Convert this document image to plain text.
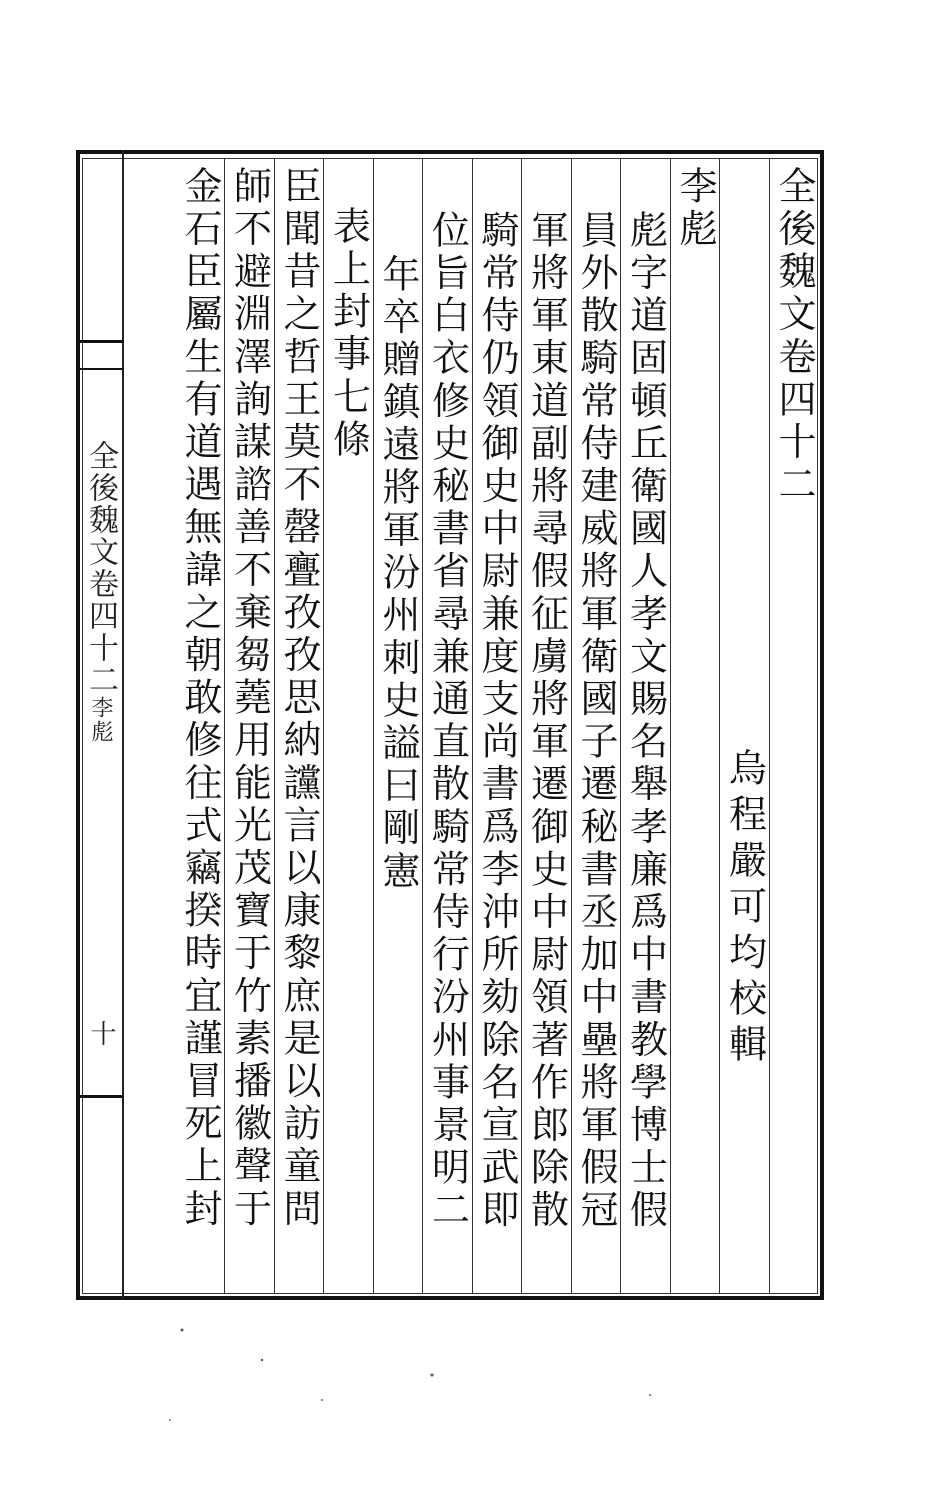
全後魏文卷四十二李彪
十
全後魏文卷四十二
烏程嚴可均校輯
李彪
彪字道固頓丘衛國人孝文賜名舉孝廉爲中書教學博士假
員外散騎常侍建威將軍衛國子遷秘書丞加中壘將軍假冠
軍將軍東道副將尋假征虜將軍遷御史中尉領著作郎除散
騎常侍仍領御史中尉兼度支尚書爲李沖所劾除名宣武即
位旨白衣修史秘書省尋兼通直散騎常侍行汾州事景明二
年卒贈鎮遠將軍汾州刺史謚曰剛憲
表上封事七條
臣聞昔之哲王莫不罄亹孜孜思納讜言以康黎庶是以訪童問
師不避淵澤詢謀諮善不棄芻蕘用能光茂寶于竹素播徽聲于
金石臣屬生有道遇無諱之朝敢修往式竊揆時宜謹冒死上封
